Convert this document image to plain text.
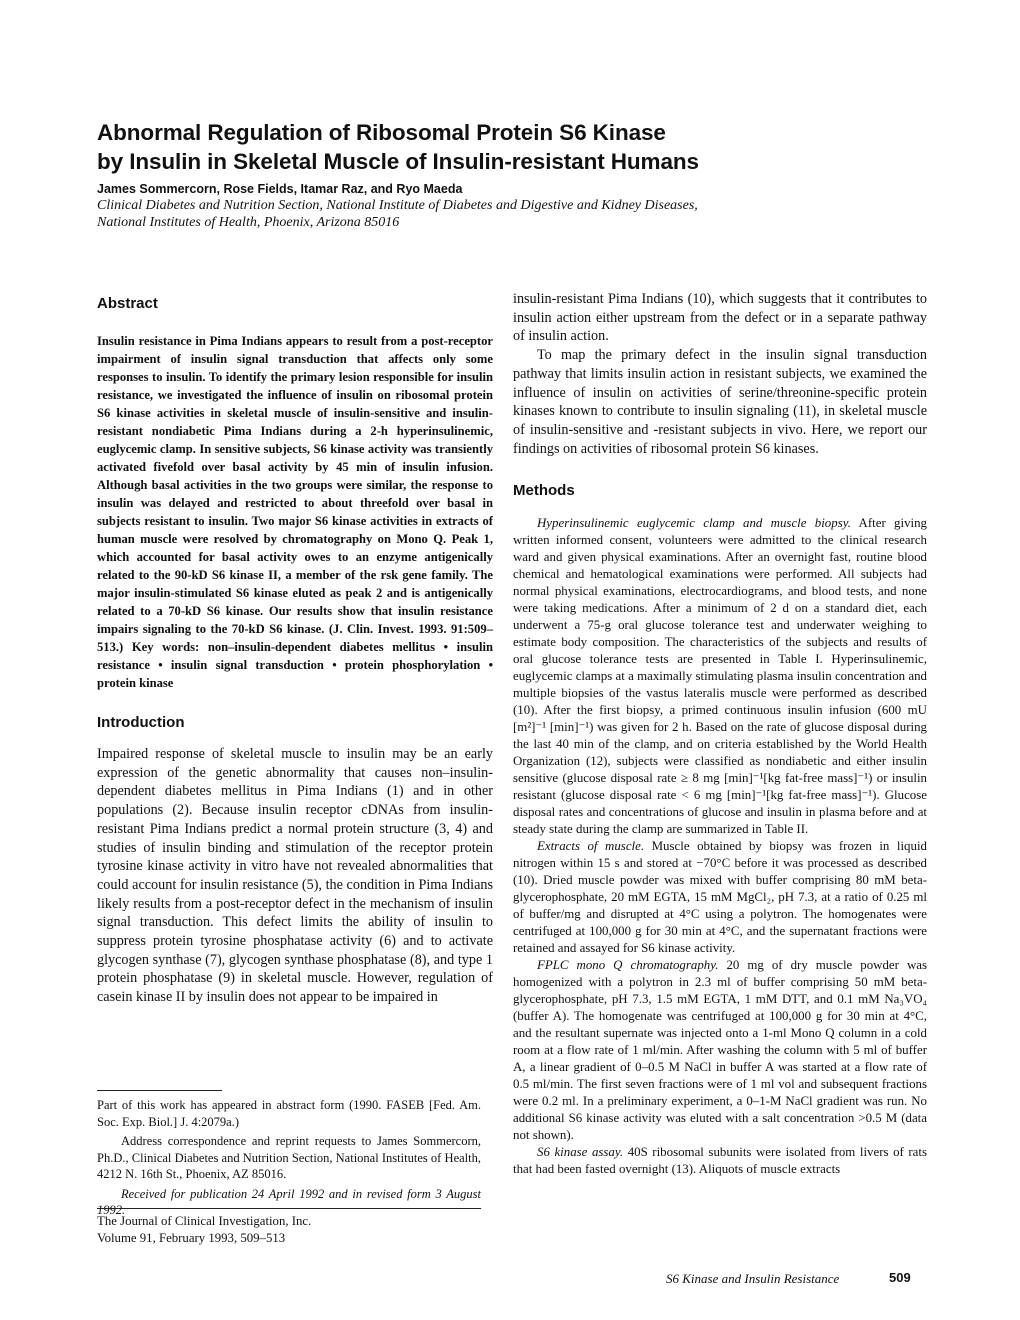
Abnormal Regulation of Ribosomal Protein S6 Kinase
by Insulin in Skeletal Muscle of Insulin-resistant Humans
James Sommercorn, Rose Fields, Itamar Raz, and Ryo Maeda
Clinical Diabetes and Nutrition Section, National Institute of Diabetes and Digestive and Kidney Diseases,
National Institutes of Health, Phoenix, Arizona 85016
Abstract

Insulin resistance in Pima Indians appears to result from a post-receptor impairment of insulin signal transduction that affects only some responses to insulin. To identify the primary lesion responsible for insulin resistance, we investigated the influence of insulin on ribosomal protein S6 kinase activities in skeletal muscle of insulin-sensitive and insulin-resistant nondiabetic Pima Indians during a 2-h hyperinsulinemic, euglycemic clamp. In sensitive subjects, S6 kinase activity was transiently activated fivefold over basal activity by 45 min of insulin infusion. Although basal activities in the two groups were similar, the response to insulin was delayed and restricted to about threefold over basal in subjects resistant to insulin. Two major S6 kinase activities in extracts of human muscle were resolved by chromatography on Mono Q. Peak 1, which accounted for basal activity owes to an enzyme antigenically related to the 90-kD S6 kinase II, a member of the rsk gene family. The major insulin-stimulated S6 kinase eluted as peak 2 and is antigenically related to a 70-kD S6 kinase. Our results show that insulin resistance impairs signaling to the 70-kD S6 kinase. (J. Clin. Invest. 1993. 91:509–513.) Key words: non–insulin-dependent diabetes mellitus • insulin resistance • insulin signal transduction • protein phosphorylation • protein kinase

Introduction

Impaired response of skeletal muscle to insulin may be an early expression of the genetic abnormality that causes non–insulin-dependent diabetes mellitus in Pima Indians (1) and in other populations (2). Because insulin receptor cDNAs from insulin-resistant Pima Indians predict a normal protein structure (3, 4) and studies of insulin binding and stimulation of the receptor protein tyrosine kinase activity in vitro have not revealed abnormalities that could account for insulin resistance (5), the condition in Pima Indians likely results from a post-receptor defect in the mechanism of insulin signal transduction. This defect limits the ability of insulin to suppress protein tyrosine phosphatase activity (6) and to activate glycogen synthase (7), glycogen synthase phosphatase (8), and type 1 protein phosphatase (9) in skeletal muscle. However, regulation of casein kinase II by insulin does not appear to be impaired in

Part of this work has appeared in abstract form (1990. FASEB [Fed. Am. Soc. Exp. Biol.] J. 4:2079a.)

Address correspondence and reprint requests to James Sommercorn, Ph.D., Clinical Diabetes and Nutrition Section, National Institutes of Health, 4212 N. 16th St., Phoenix, AZ 85016.

Received for publication 24 April 1992 and in revised form 3 August 1992.

The Journal of Clinical Investigation, Inc.
Volume 91, February 1993, 509–513

insulin-resistant Pima Indians (10), which suggests that it contributes to insulin action either upstream from the defect or in a separate pathway of insulin action.

To map the primary defect in the insulin signal transduction pathway that limits insulin action in resistant subjects, we examined the influence of insulin on activities of serine/threonine-specific protein kinases known to contribute to insulin signaling (11), in skeletal muscle of insulin-sensitive and -resistant subjects in vivo. Here, we report our findings on activities of ribosomal protein S6 kinases.

Methods

Hyperinsulinemic euglycemic clamp and muscle biopsy. After giving written informed consent, volunteers were admitted to the clinical research ward and given physical examinations. After an overnight fast, routine blood chemical and hematological examinations were performed. All subjects had normal physical examinations, electrocardiograms, and blood tests, and none were taking medications. After a minimum of 2 d on a standard diet, each underwent a 75-g oral glucose tolerance test and underwater weighing to estimate body composition. The characteristics of the subjects and results of oral glucose tolerance tests are presented in Table I. Hyperinsulinemic, euglycemic clamps at a maximally stimulating plasma insulin concentration and multiple biopsies of the vastus lateralis muscle were performed as described (10). After the first biopsy, a primed continuous insulin infusion (600 mU [m²]⁻¹ [min]⁻¹) was given for 2 h. Based on the rate of glucose disposal during the last 40 min of the clamp, and on criteria established by the World Health Organization (12), subjects were classified as nondiabetic and either insulin sensitive (glucose disposal rate ≥ 8 mg [min]⁻¹[kg fat-free mass]⁻¹) or insulin resistant (glucose disposal rate < 6 mg [min]⁻¹[kg fat-free mass]⁻¹). Glucose disposal rates and concentrations of glucose and insulin in plasma before and at steady state during the clamp are summarized in Table II.

Extracts of muscle. Muscle obtained by biopsy was frozen in liquid nitrogen within 15 s and stored at −70°C before it was processed as described (10). Dried muscle powder was mixed with buffer comprising 80 mM beta-glycerophosphate, 20 mM EGTA, 15 mM MgCl₂, pH 7.3, at a ratio of 0.25 ml of buffer/mg and disrupted at 4°C using a polytron. The homogenates were centrifuged at 100,000 g for 30 min at 4°C, and the supernatant fractions were retained and assayed for S6 kinase activity.

FPLC mono Q chromatography. 20 mg of dry muscle powder was homogenized with a polytron in 2.3 ml of buffer comprising 50 mM beta-glycerophosphate, pH 7.3, 1.5 mM EGTA, 1 mM DTT, and 0.1 mM Na₃VO₄ (buffer A). The homogenate was centrifuged at 100,000 g for 30 min at 4°C, and the resultant supernate was injected onto a 1-ml Mono Q column in a cold room at a flow rate of 1 ml/min. After washing the column with 5 ml of buffer A, a linear gradient of 0–0.5 M NaCl in buffer A was started at a flow rate of 0.5 ml/min. The first seven fractions were of 1 ml vol and subsequent fractions were 0.2 ml. In a preliminary experiment, a 0–1-M NaCl gradient was run. No additional S6 kinase activity was eluted with a salt concentration >0.5 M (data not shown).

S6 kinase assay. 40S ribosomal subunits were isolated from livers of rats that had been fasted overnight (13). Aliquots of muscle extracts

S6 Kinase and Insulin Resistance	509
